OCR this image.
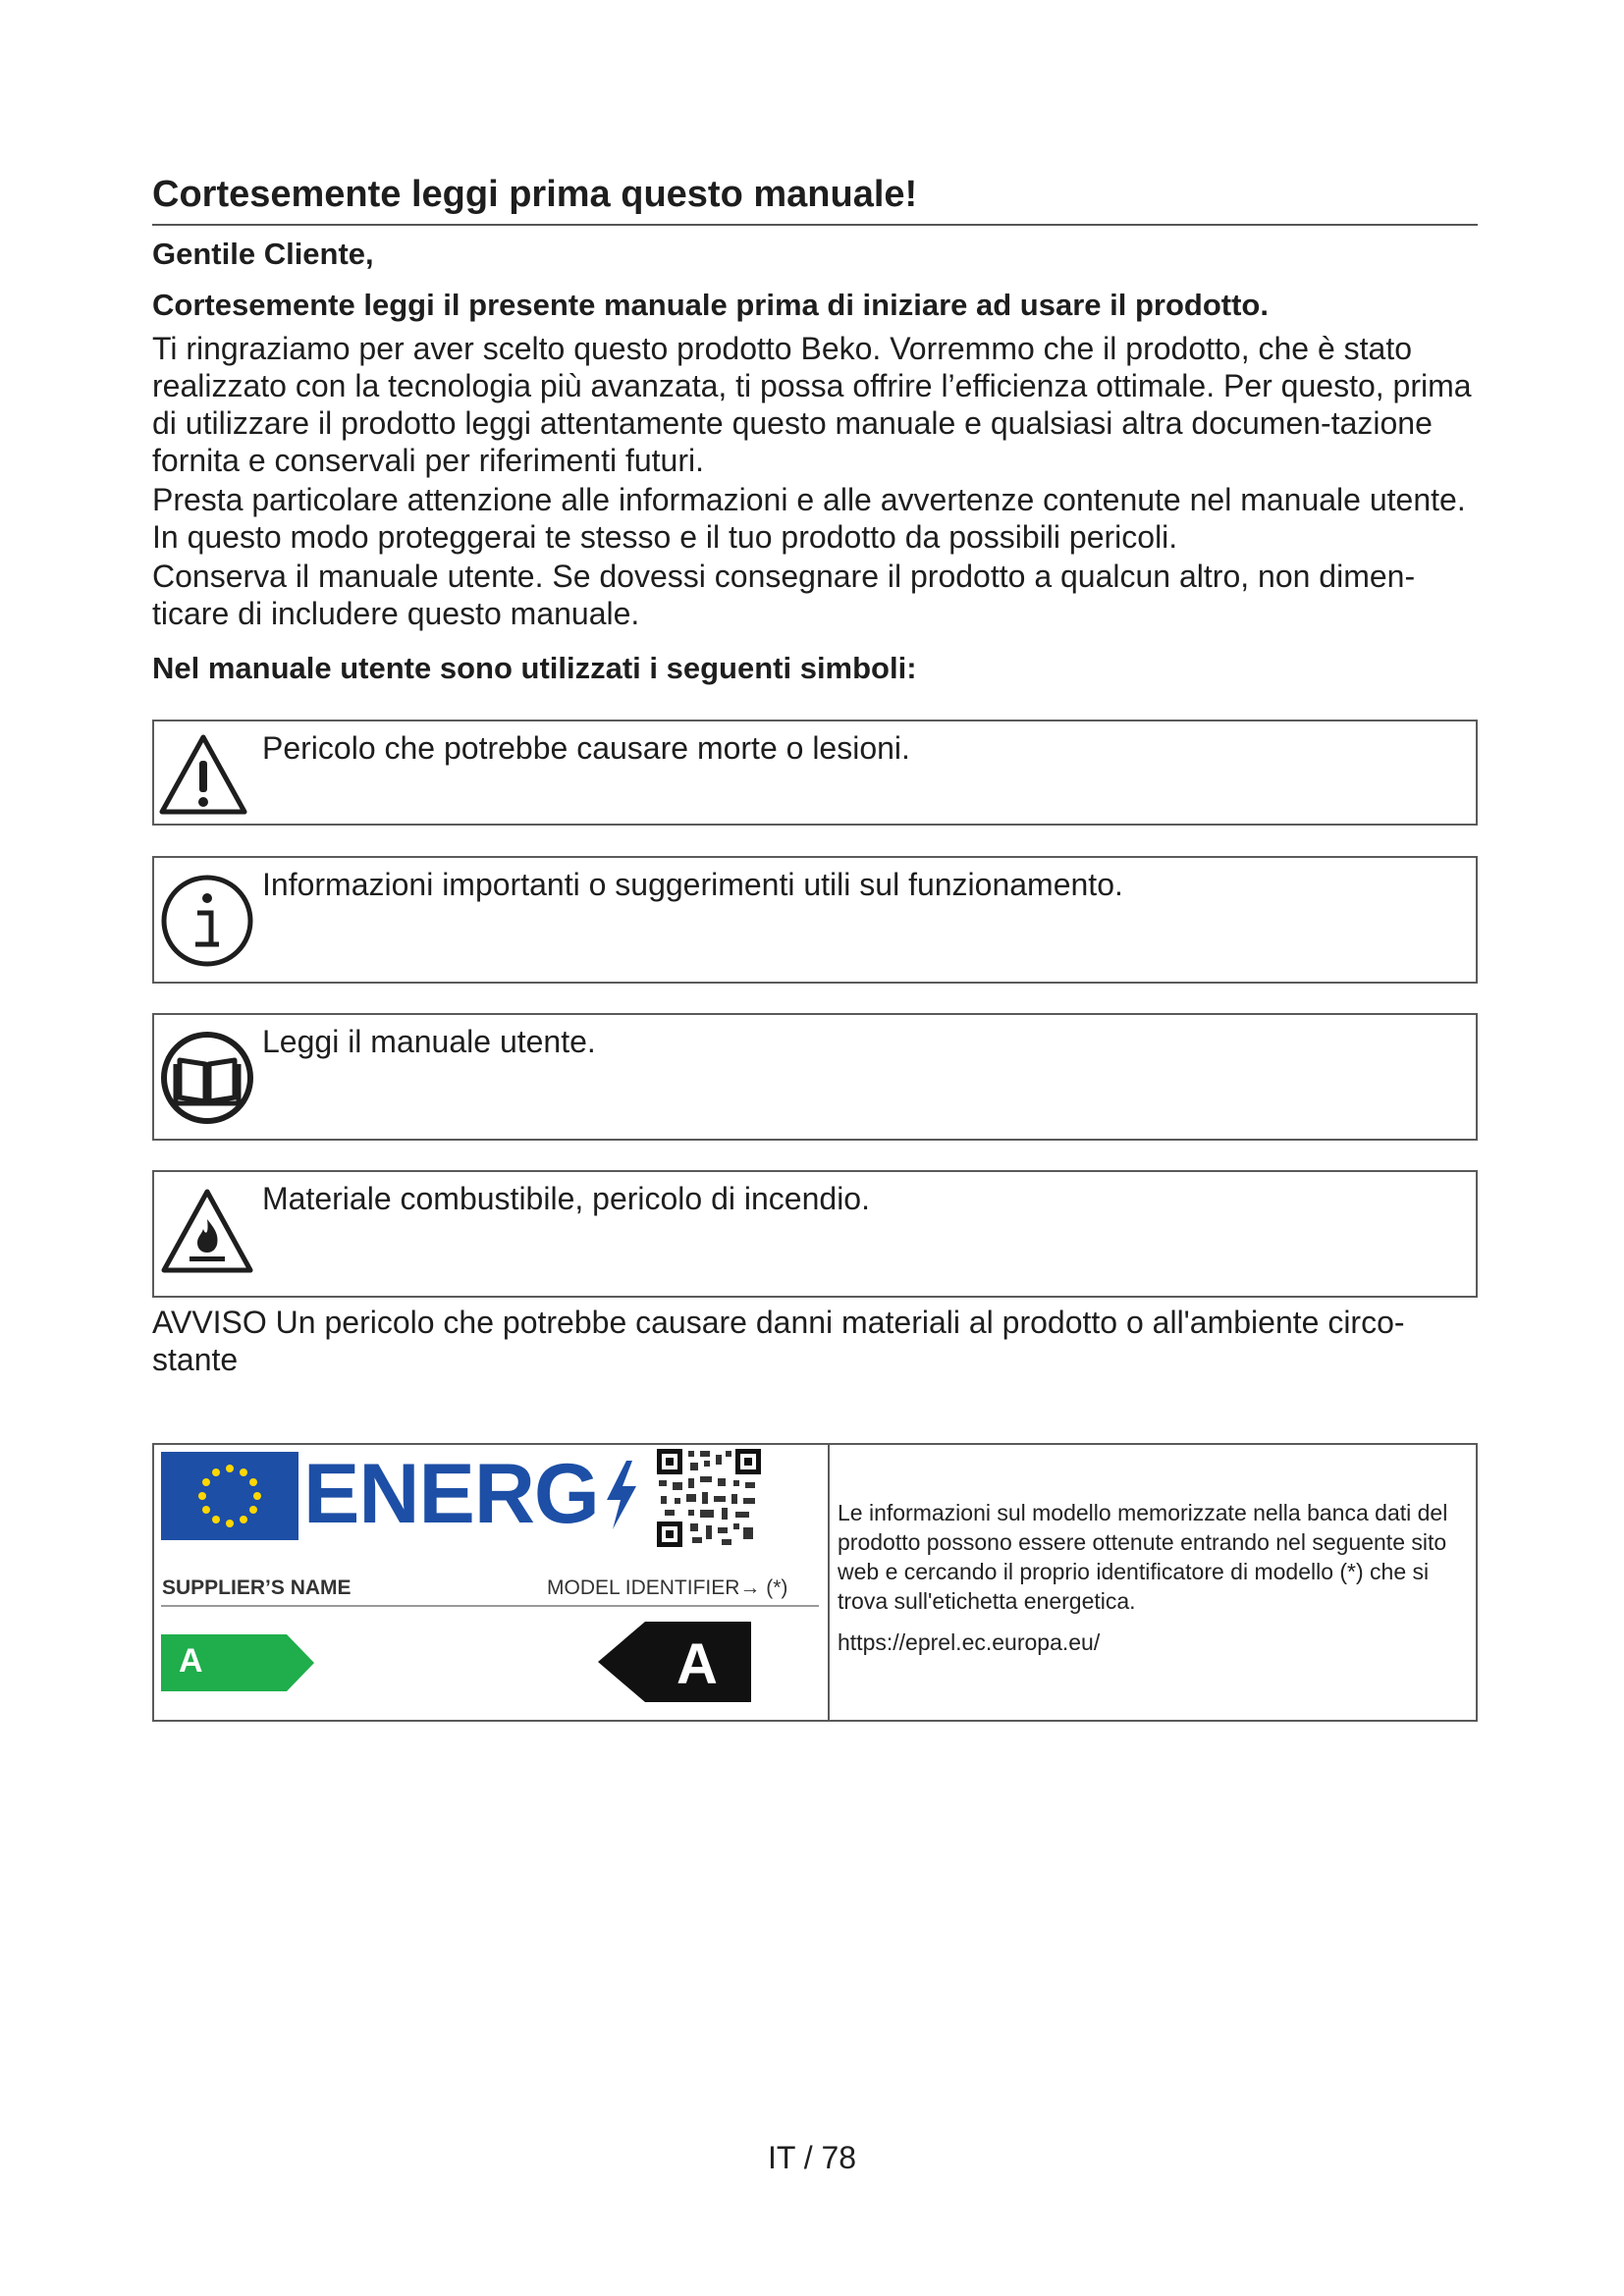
Cortesemente leggi prima questo manuale!
Gentile Cliente,
Cortesemente leggi il presente manuale prima di iniziare ad usare il prodotto.

Ti ringraziamo per aver scelto questo prodotto Beko. Vorremmo che il prodotto, che è stato realizzato con la tecnologia più avanzata, ti possa offrire l’efficienza ottimale. Per questo, prima di utilizzare il prodotto leggi attentamente questo manuale e qualsiasi altra documen-tazione fornita e conservali per riferimenti futuri.

Presta particolare attenzione alle informazioni e alle avvertenze contenute nel manuale utente. In questo modo proteggerai te stesso e il tuo prodotto da possibili pericoli.

Conserva il manuale utente. Se dovessi consegnare il prodotto a qualcun altro, non dimen-ticare di includere questo manuale.

Nel manuale utente sono utilizzati i seguenti simboli:
Pericolo che potrebbe causare morte o lesioni.
Informazioni importanti o suggerimenti utili sul funzionamento.
Leggi il manuale utente.
Materiale combustibile, pericolo di incendio.
AVVISO Un pericolo che potrebbe causare danni materiali al prodotto o all'ambiente circo-stante
ENERG
SUPPLIER’S NAME	MODEL IDENTIFIER→ (*)
A	A
Le informazioni sul modello memorizzate nella banca dati del prodotto possono essere ottenute entrando nel seguente sito web e cercando il proprio identificatore di modello (*) che si trova sull'etichetta energetica.
https://eprel.ec.europa.eu/
IT / 78
